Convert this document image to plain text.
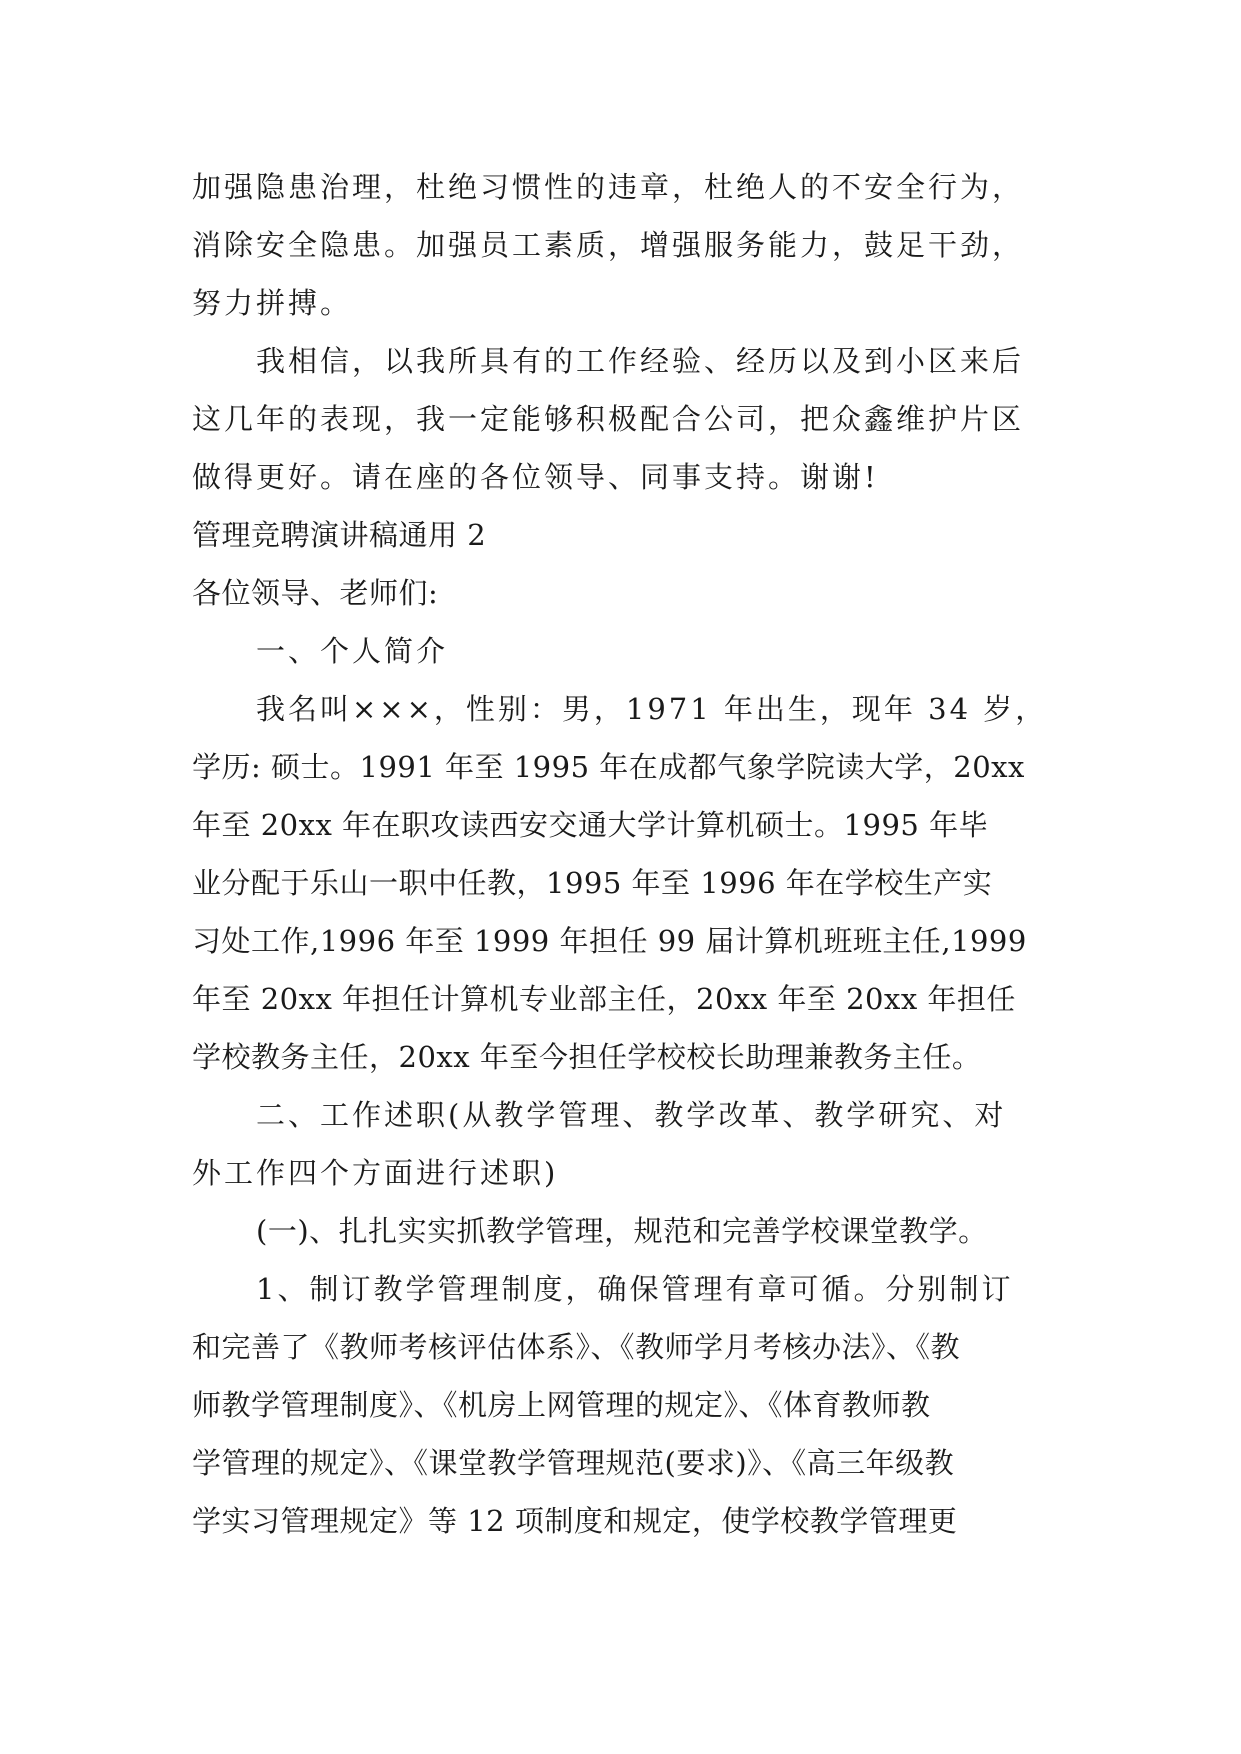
加强隐患治理，杜绝习惯性的违章，杜绝人的不安全行为，
消除安全隐患。加强员工素质，增强服务能力，鼓足干劲，
努力拼搏。
我相信，以我所具有的工作经验、经历以及到小区来后
这几年的表现，我一定能够积极配合公司，把众鑫维护片区
做得更好。请在座的各位领导、同事支持。谢谢!
管理竞聘演讲稿通用 2
各位领导、老师们:
一、个人简介
我名叫×××，性别：男，1971 年出生，现年 34 岁，
学历: 硕士。1991 年至 1995 年在成都气象学院读大学，20xx
年至 20xx 年在职攻读西安交通大学计算机硕士。1995 年毕
业分配于乐山一职中任教，1995 年至 1996 年在学校生产实
习处工作,1996 年至 1999 年担任 99 届计算机班班主任,1999
年至 20xx 年担任计算机专业部主任，20xx 年至 20xx 年担任
学校教务主任，20xx 年至今担任学校校长助理兼教务主任。
二、工作述职(从教学管理、教学改革、教学研究、对
外工作四个方面进行述职)
(一)、扎扎实实抓教学管理，规范和完善学校课堂教学。
1、制订教学管理制度，确保管理有章可循。分别制订
和完善了《教师考核评估体系》、《教师学月考核办法》、《教
师教学管理制度》、《机房上网管理的规定》、《体育教师教
学管理的规定》、《课堂教学管理规范(要求)》、《高三年级教
学实习管理规定》等 12 项制度和规定，使学校教学管理更
